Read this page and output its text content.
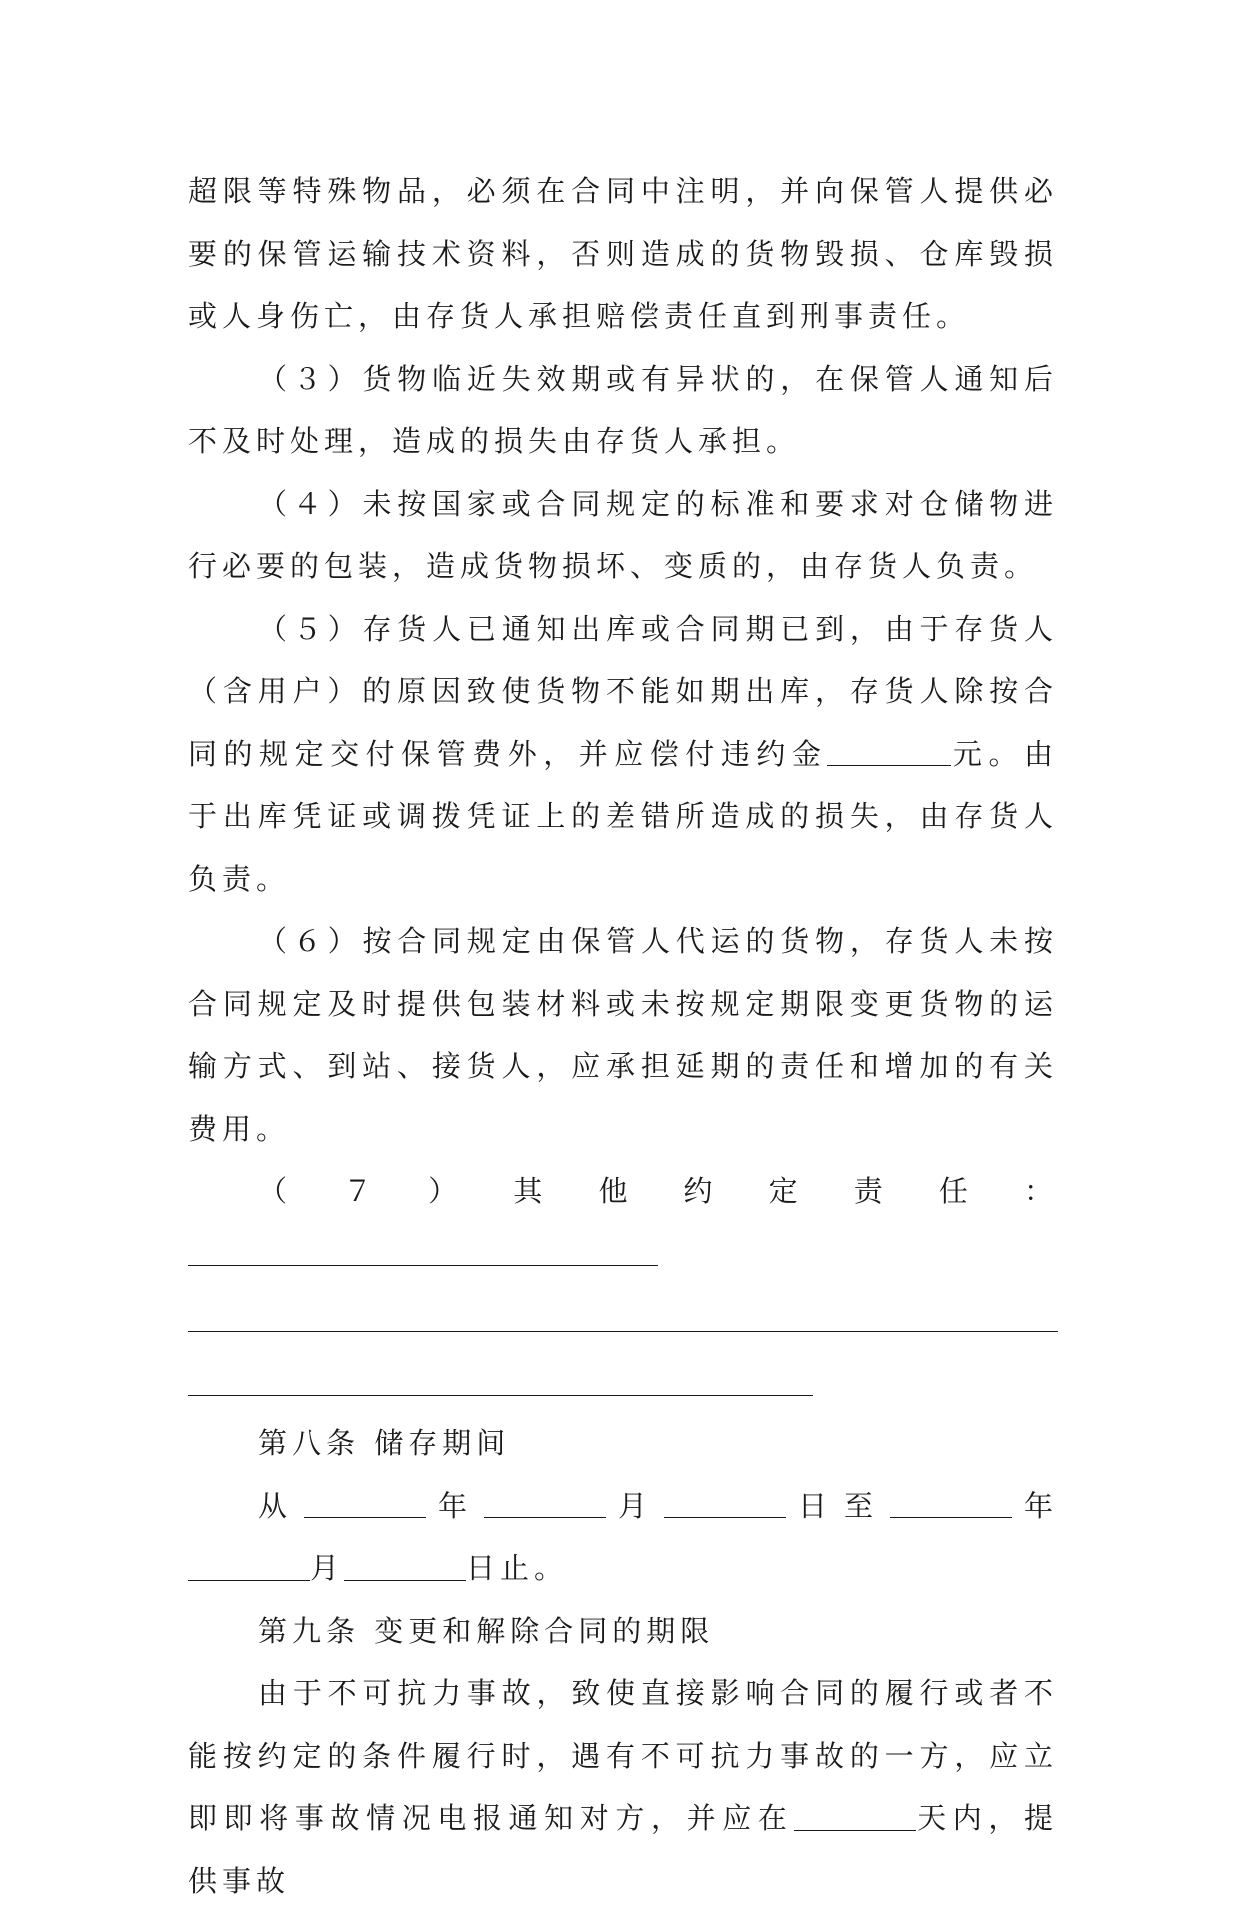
超限等特殊物品，必须在合同中注明，并向保管人提供必要的保管运输技术资料，否则造成的货物毁损、仓库毁损或人身伤亡，由存货人承担赔偿责任直到刑事责任。

（３）货物临近失效期或有异状的，在保管人通知后不及时处理，造成的损失由存货人承担。

（４）未按国家或合同规定的标准和要求对仓储物进行必要的包装，造成货物损坏、变质的，由存货人负责。

（５）存货人已通知出库或合同期已到，由于存货人（含用户）的原因致使货物不能如期出库，存货人除按合同的规定交付保管费外，并应偿付违约金	元。由于出库凭证或调拨凭证上的差错所造成的损失，由存货人负责。

（６）按合同规定由保管人代运的货物，存货人未按合同规定及时提供包装材料或未按规定期限变更货物的运输方式、到站、接货人，应承担延期的责任和增加的有关费用。

（７）其他约定责任：

第八条 储存期间

从	年	月	日至	年月	日止。

第九条 变更和解除合同的期限

由于不可抗力事故，致使直接影响合同的履行或者不能按约定的条件履行时，遇有不可抗力事故的一方，应立即即将事故情况电报通知对方，并应在	天内，提供事故
